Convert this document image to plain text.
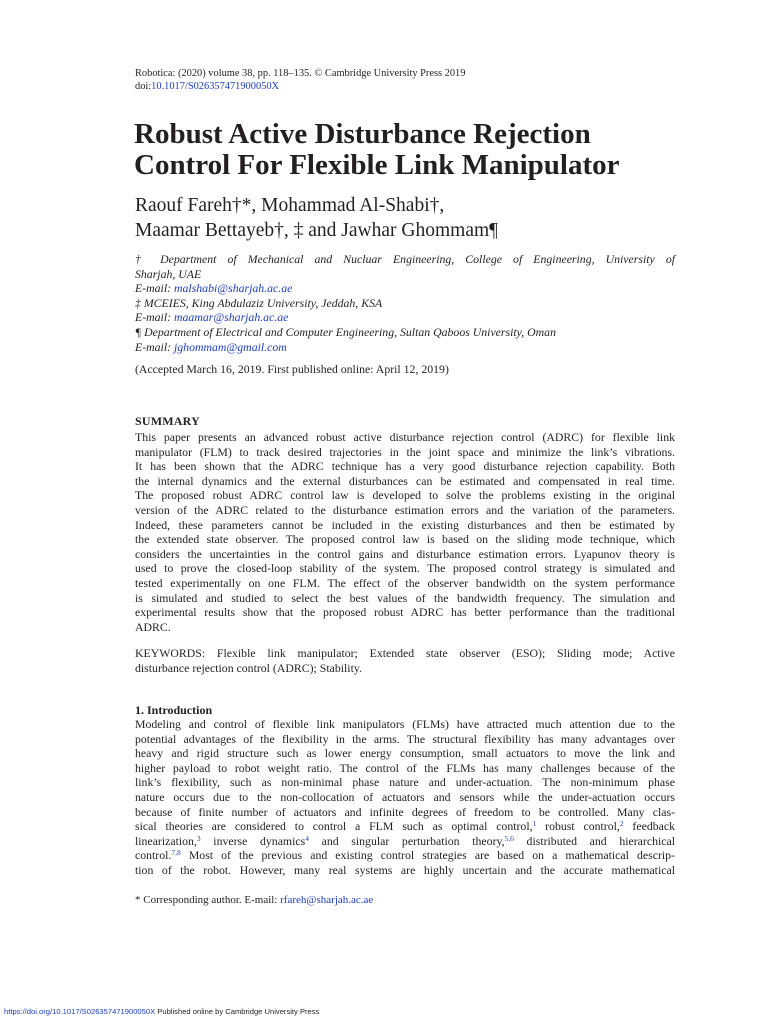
Robotica: (2020) volume 38, pp. 118–135. © Cambridge University Press 2019
doi:10.1017/S026357471900050X
Robust Active Disturbance Rejection
Control For Flexible Link Manipulator
Raouf Fareh†*, Mohammad Al-Shabi†,
Maamar Bettayeb†, ‡ and Jawhar Ghommam¶
† Department of Mechanical and Nucluar Engineering, College of Engineering, University of
Sharjah, UAE
E-mail: malshabi@sharjah.ac.ae
‡ MCEIES, King Abdulaziz University, Jeddah, KSA
E-mail: maamar@sharjah.ac.ae
¶ Department of Electrical and Computer Engineering, Sultan Qaboos University, Oman
E-mail: jghommam@gmail.com
(Accepted March 16, 2019. First published online: April 12, 2019)
SUMMARY
This paper presents an advanced robust active disturbance rejection control (ADRC) for flexible link
manipulator (FLM) to track desired trajectories in the joint space and minimize the link’s vibrations.
It has been shown that the ADRC technique has a very good disturbance rejection capability. Both
the internal dynamics and the external disturbances can be estimated and compensated in real time.
The proposed robust ADRC control law is developed to solve the problems existing in the original
version of the ADRC related to the disturbance estimation errors and the variation of the parameters.
Indeed, these parameters cannot be included in the existing disturbances and then be estimated by
the extended state observer. The proposed control law is based on the sliding mode technique, which
considers the uncertainties in the control gains and disturbance estimation errors. Lyapunov theory is
used to prove the closed-loop stability of the system. The proposed control strategy is simulated and
tested experimentally on one FLM. The effect of the observer bandwidth on the system performance
is simulated and studied to select the best values of the bandwidth frequency. The simulation and
experimental results show that the proposed robust ADRC has better performance than the traditional
ADRC.
KEYWORDS: Flexible link manipulator; Extended state observer (ESO); Sliding mode; Active
disturbance rejection control (ADRC); Stability.
1. Introduction
Modeling and control of flexible link manipulators (FLMs) have attracted much attention due to the
potential advantages of the flexibility in the arms. The structural flexibility has many advantages over
heavy and rigid structure such as lower energy consumption, small actuators to move the link and
higher payload to robot weight ratio. The control of the FLMs has many challenges because of the
link’s flexibility, such as non-minimal phase nature and under-actuation. The non-minimum phase
nature occurs due to the non-collocation of actuators and sensors while the under-actuation occurs
because of finite number of actuators and infinite degrees of freedom to be controlled. Many clas-
sical theories are considered to control a FLM such as optimal control,$^1$ robust control,$^2$ feedback
linearization,$^3$ inverse dynamics$^4$ and singular perturbation theory,$^{5,6}$ distributed and hierarchical
control.$^{7,8}$ Most of the previous and existing control strategies are based on a mathematical descrip-
tion of the robot. However, many real systems are highly uncertain and the accurate mathematical
* Corresponding author. E-mail: rfareh@sharjah.ac.ae
https://doi.org/10.1017/S026357471900050X Published online by Cambridge University Press
